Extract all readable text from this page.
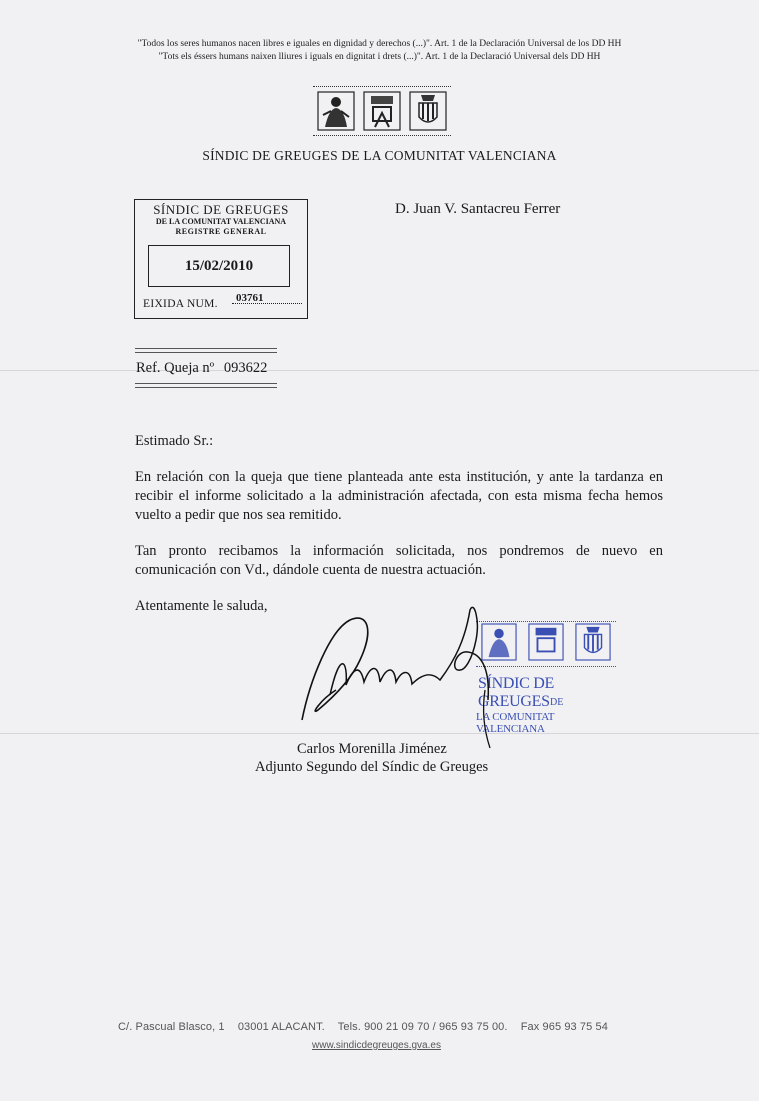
"Todos los seres humanos nacen libres e iguales en dignidad y derechos (...)". Art. 1 de la Declaración Universal de los DD HH
"Tots els éssers humans naixen lliures i iguals en dignitat i drets (...)". Art. 1 de la Declaració Universal dels DD HH
SÍNDIC DE GREUGES DE LA COMUNITAT VALENCIANA
SÍNDIC DE GREUGES
DE LA COMUNITAT VALENCIANA
REGISTRE GENERAL
15/02/2010
EIXIDA NUM. 03761
D. Juan V. Santacreu Ferrer
Ref. Queja nº 093622
Estimado Sr.:
En relación con la queja que tiene planteada ante esta institución, y ante la tardanza en recibir el informe solicitado a la administración afectada, con esta misma fecha hemos vuelto a pedir que nos sea remitido.
Tan pronto recibamos la información solicitada, nos pondremos de nuevo en comunicación con Vd., dándole cuenta de nuestra actuación.
Atentamente le saluda,
SÍNDIC DE GREUGES DE
LA COMUNITAT VALENCIANA
Carlos Morenilla Jiménez
Adjunto Segundo del Síndic de Greuges
C/. Pascual Blasco, 1 03001 ALACANT. Tels. 900 21 09 70 / 965 93 75 00. Fax 965 93 75 54
www.sindicdegreuges.gva.es
